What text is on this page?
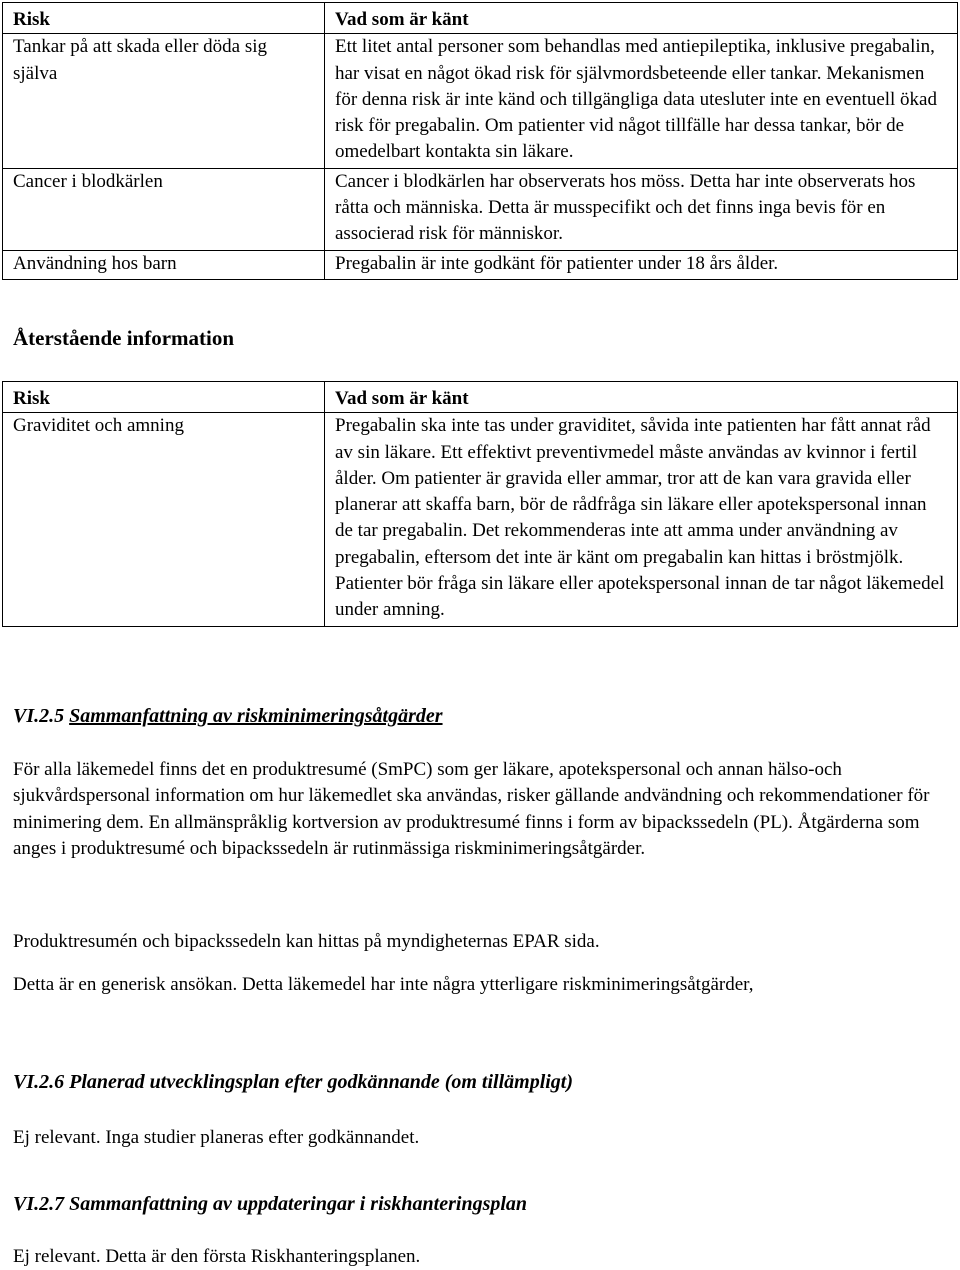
Risk	Vad som är känt
Tankar på att skada eller döda sig själva	Ett litet antal personer som behandlas med antiepileptika, inklusive pregabalin, har visat en något ökad risk för självmordsbeteende eller tankar. Mekanismen för denna risk är inte känd och tillgängliga data utesluter inte en eventuell ökad risk för pregabalin. Om patienter vid något tillfälle har dessa tankar, bör de omedelbart kontakta sin läkare.
Cancer i blodkärlen	Cancer i blodkärlen har observerats hos möss. Detta har inte observerats hos råtta och människa. Detta är musspecifikt och det finns inga bevis för en associerad risk för människor.
Användning hos barn	Pregabalin är inte godkänt för patienter under 18 års ålder.
Återstående information
Risk	Vad som är känt
Graviditet och amning	Pregabalin ska inte tas under graviditet, såvida inte patienten har fått annat råd av sin läkare. Ett effektivt preventivmedel måste användas av kvinnor i fertil ålder. Om patienter är gravida eller ammar, tror att de kan vara gravida eller planerar att skaffa barn, bör de rådfråga sin läkare eller apotekspersonal innan de tar pregabalin. Det rekommenderas inte att amma under användning av pregabalin, eftersom det inte är känt om pregabalin kan hittas i bröstmjölk. Patienter bör fråga sin läkare eller apotekspersonal innan de tar något läkemedel under amning.
VI.2.5 Sammanfattning av riskminimeringsåtgärder
För alla läkemedel finns det en produktresumé (SmPC) som ger läkare, apotekspersonal och annan hälso-och sjukvårdspersonal information om hur läkemedlet ska användas, risker gällande andvändning och rekommendationer för minimering dem. En allmänspråklig kortversion av produktresumé finns i form av bipackssedeln (PL). Åtgärderna som anges i produktresumé och bipackssedeln är rutinmässiga riskminimeringsåtgärder.
Produktresumén och bipackssedeln kan hittas på myndigheternas EPAR sida.
Detta är en generisk ansökan. Detta läkemedel har inte några ytterligare riskminimeringsåtgärder,
VI.2.6 Planerad utvecklingsplan efter godkännande (om tillämpligt)
Ej relevant. Inga studier planeras efter godkännandet.
VI.2.7 Sammanfattning av uppdateringar i riskhanteringsplan
Ej relevant. Detta är den första Riskhanteringsplanen.
